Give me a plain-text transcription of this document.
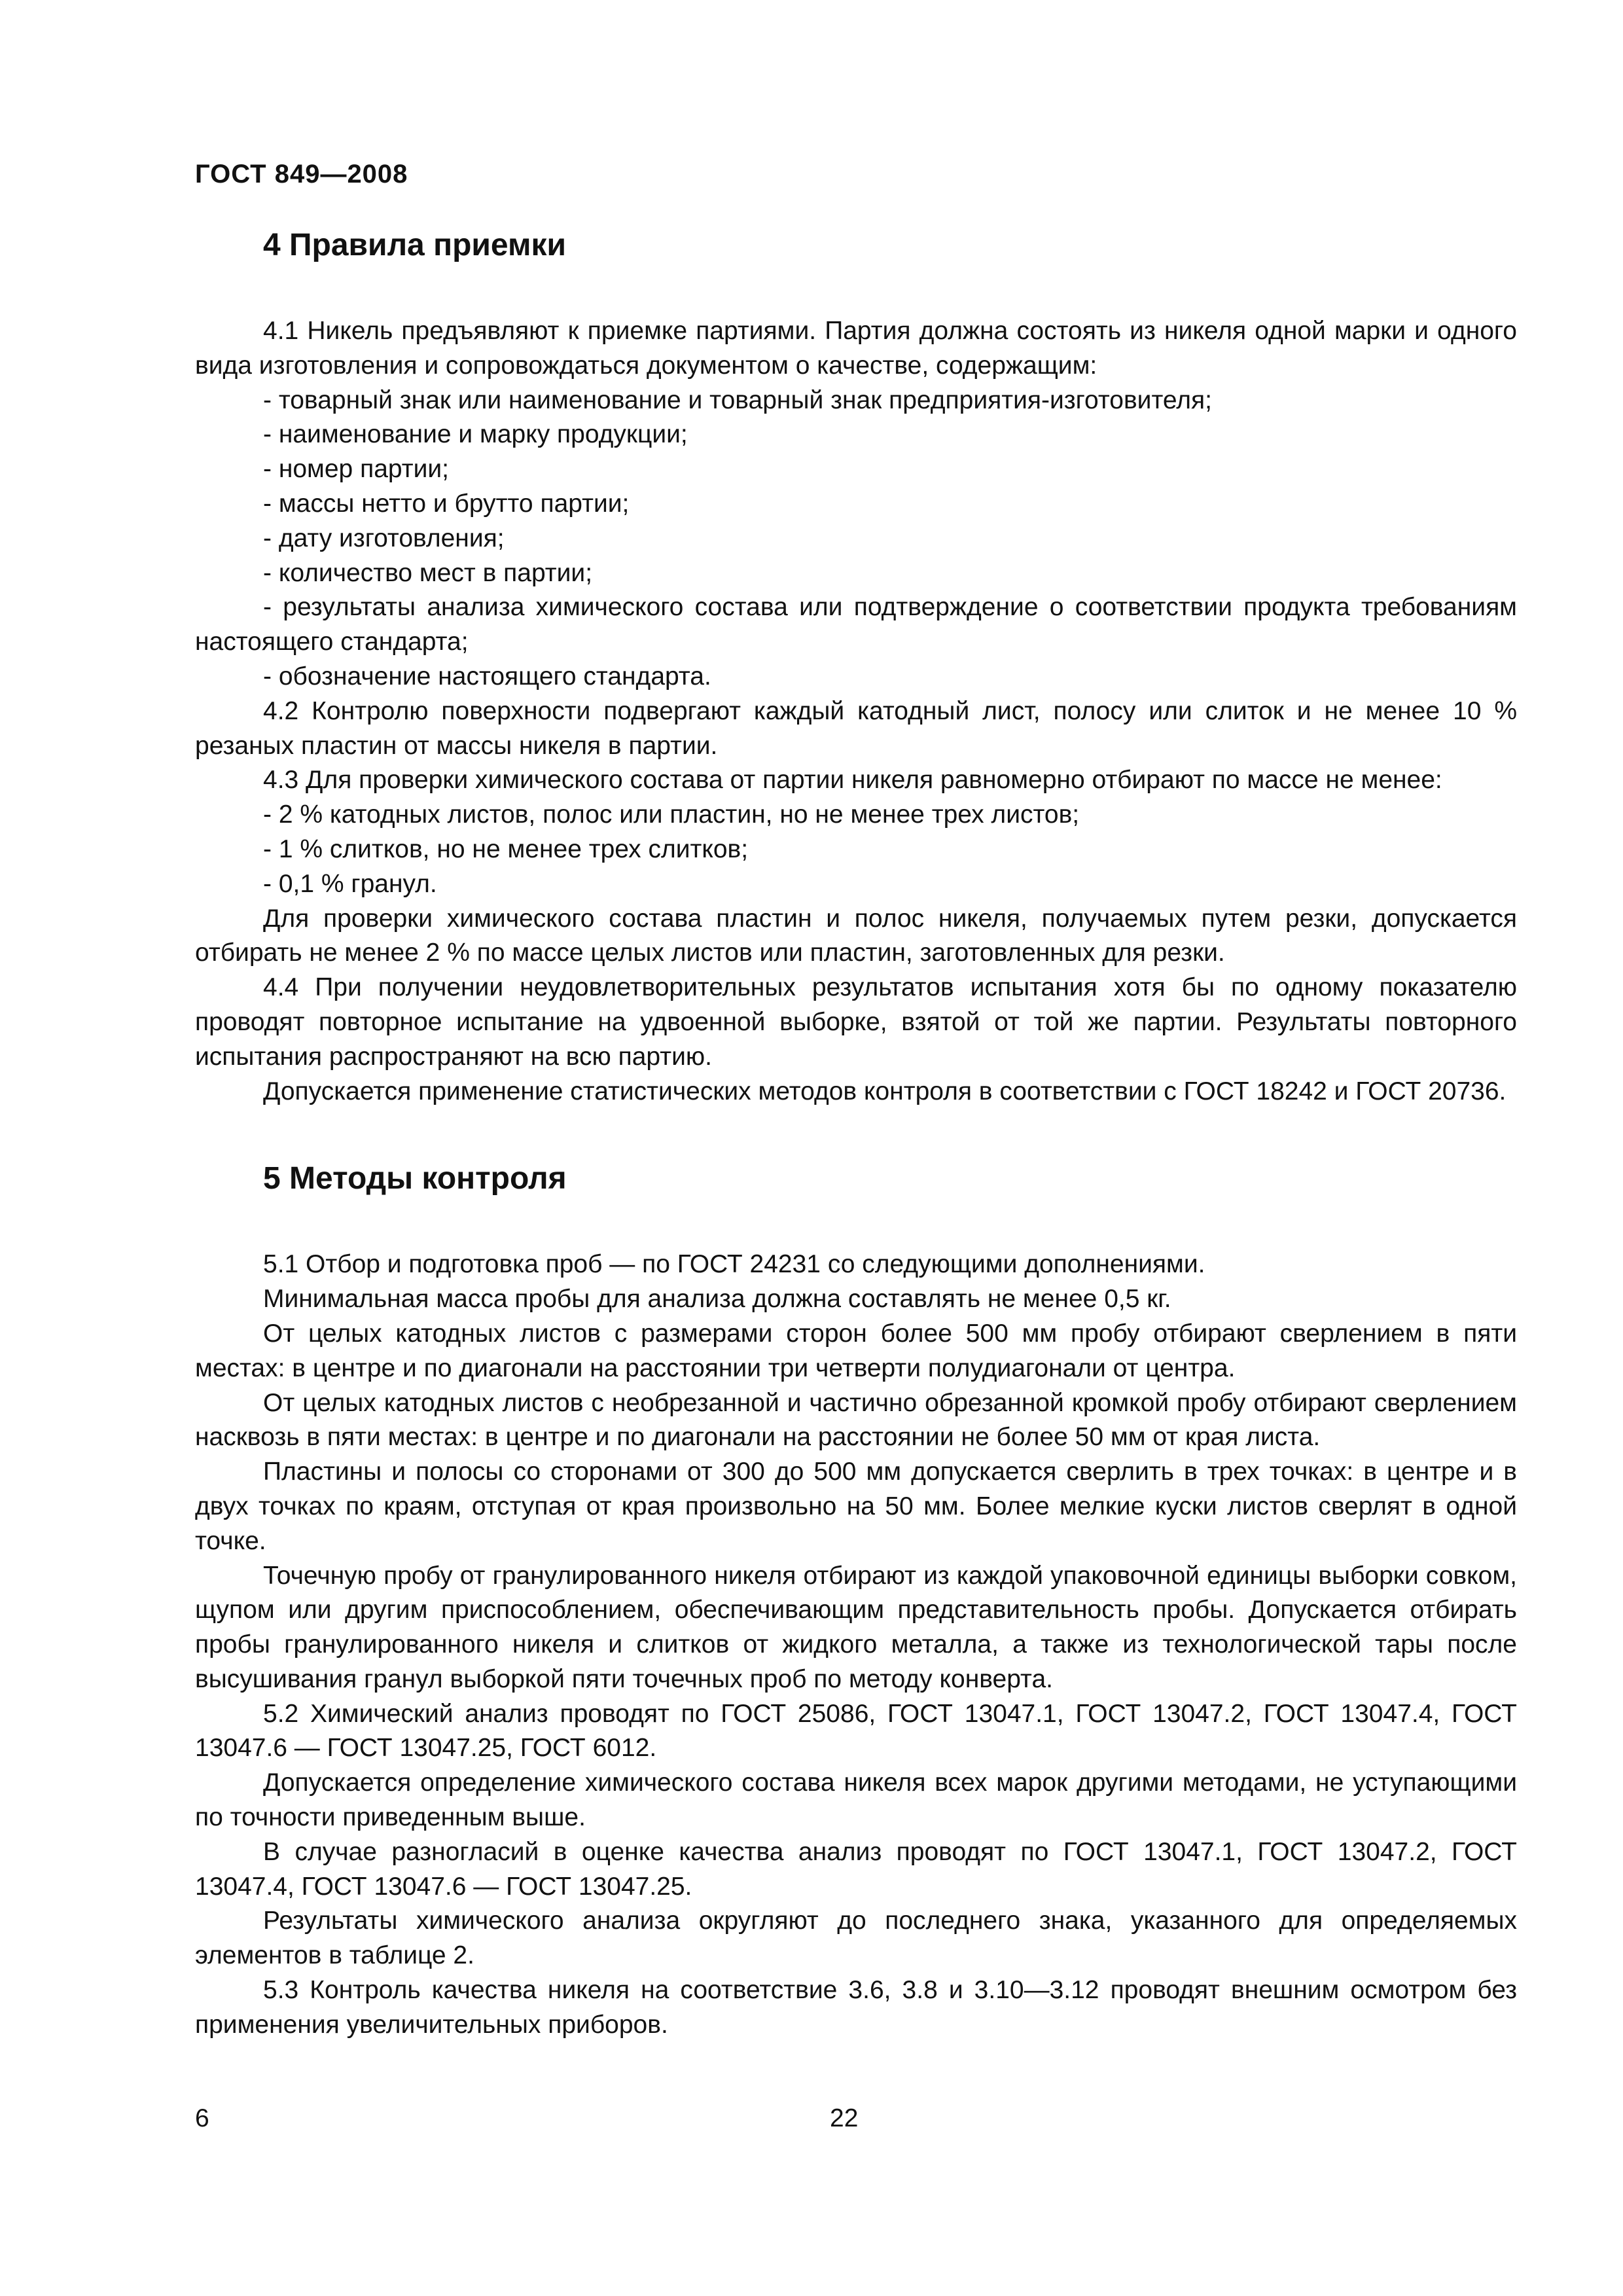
ГОСТ 849—2008
4 Правила приемки

4.1 Никель предъявляют к приемке партиями. Партия должна состоять из никеля одной марки и одного вида изготовления и сопровождаться документом о качестве, содержащим:

- товарный знак или наименование и товарный знак предприятия-изготовителя;

- наименование и марку продукции;

- номер партии;

- массы нетто и брутто партии;

- дату изготовления;

- количество мест в партии;

- результаты анализа химического состава или подтверждение о соответствии продукта требованиям настоящего стандарта;

- обозначение настоящего стандарта.

4.2 Контролю поверхности подвергают каждый катодный лист, полосу или слиток и не менее 10 % резаных пластин от массы никеля в партии.

4.3 Для проверки химического состава от партии никеля равномерно отбирают по массе не менее:

- 2 % катодных листов, полос или пластин, но не менее трех листов;

- 1 % слитков, но не менее трех слитков;

- 0,1 % гранул.

Для проверки химического состава пластин и полос никеля, получаемых путем резки, допускается отбирать не менее 2 % по массе целых листов или пластин, заготовленных для резки.

4.4 При получении неудовлетворительных результатов испытания хотя бы по одному показателю проводят повторное испытание на удвоенной выборке, взятой от той же партии. Результаты повторного испытания распространяют на всю партию.

Допускается применение статистических методов контроля в соответствии с ГОСТ 18242 и ГОСТ 20736.

5 Методы контроля

5.1 Отбор и подготовка проб — по ГОСТ 24231 со следующими дополнениями.

Минимальная масса пробы для анализа должна составлять не менее 0,5 кг.

От целых катодных листов с размерами сторон более 500 мм пробу отбирают сверлением в пяти местах: в центре и по диагонали на расстоянии три четверти полудиагонали от центра.

От целых катодных листов с необрезанной и частично обрезанной кромкой пробу отбирают сверлением насквозь в пяти местах: в центре и по диагонали на расстоянии не более 50 мм от края листа.

Пластины и полосы со сторонами от 300 до 500 мм допускается сверлить в трех точках: в центре и в двух точках по краям, отступая от края произвольно на 50 мм. Более мелкие куски листов сверлят в одной точке.

Точечную пробу от гранулированного никеля отбирают из каждой упаковочной единицы выборки совком, щупом или другим приспособлением, обеспечивающим представительность пробы. Допускается отбирать пробы гранулированного никеля и слитков от жидкого металла, а также из технологической тары после высушивания гранул выборкой пяти точечных проб по методу конверта.

5.2 Химический анализ проводят по ГОСТ 25086, ГОСТ 13047.1, ГОСТ 13047.2, ГОСТ 13047.4, ГОСТ 13047.6 — ГОСТ 13047.25, ГОСТ 6012.

Допускается определение химического состава никеля всех марок другими методами, не уступающими по точности приведенным выше.

В случае разногласий в оценке качества анализ проводят по ГОСТ 13047.1, ГОСТ 13047.2, ГОСТ 13047.4, ГОСТ 13047.6 — ГОСТ 13047.25.

Результаты химического анализа округляют до последнего знака, указанного для определяемых элементов в таблице 2.

5.3 Контроль качества никеля на соответствие 3.6, 3.8 и 3.10—3.12 проводят внешним осмотром без применения увеличительных приборов.

6	22
